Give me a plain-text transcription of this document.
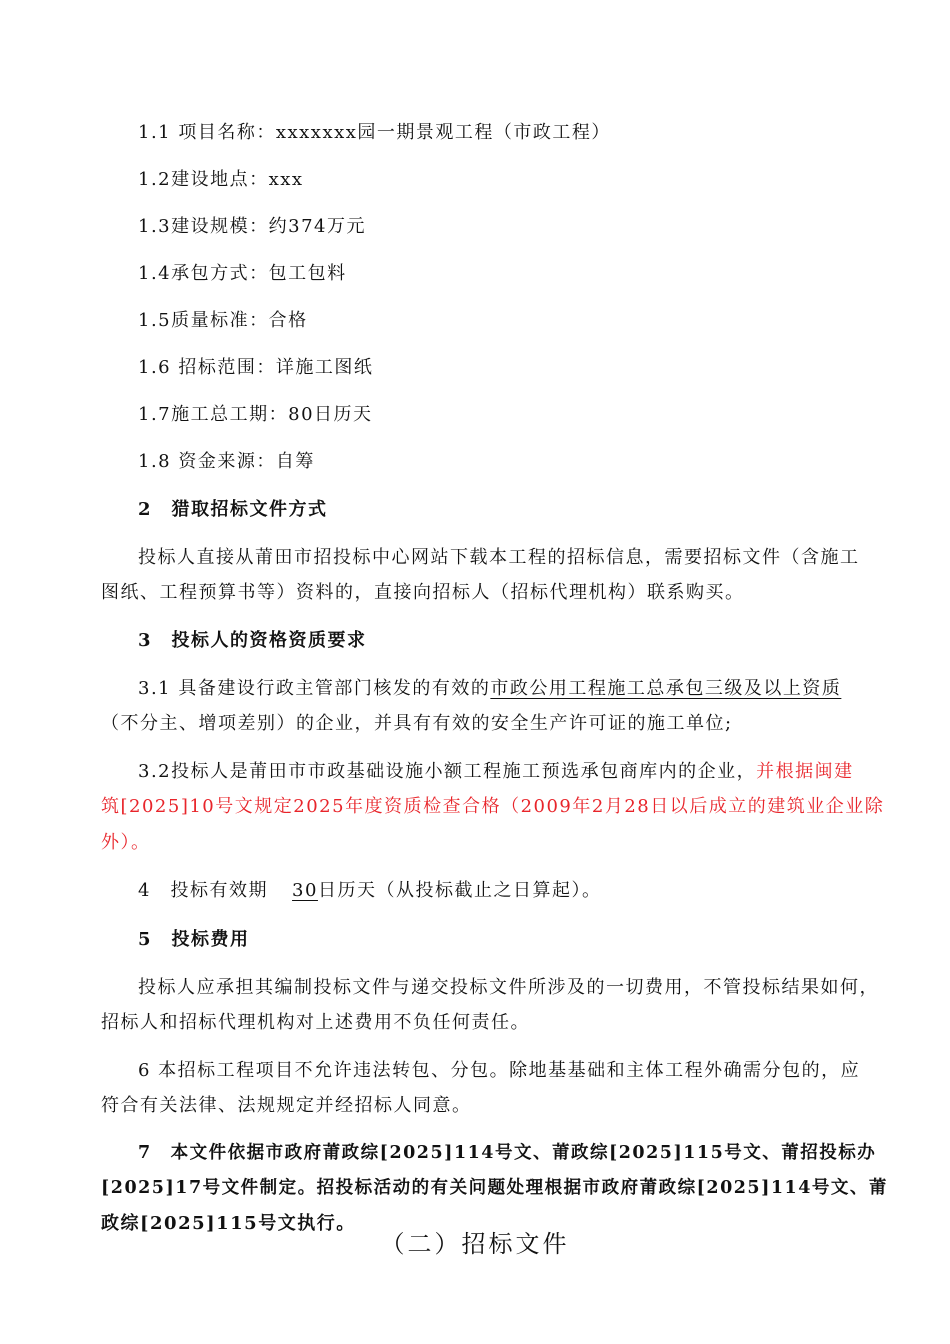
1.1 项目名称：xxxxxxx园一期景观工程（市政工程）
1.2建设地点：xxx
1.3建设规模：约374万元
1.4承包方式：包工包料
1.5质量标准：合格
1.6 招标范围：详施工图纸
1.7施工总工期：80日历天
1.8 资金来源：自筹
2　猎取招标文件方式
投标人直接从莆田市招投标中心网站下载本工程的招标信息，需要招标文件（含施工
图纸、工程预算书等）资料的，直接向招标人（招标代理机构）联系购买。
3　投标人的资格资质要求
3.1 具备建设行政主管部门核发的有效的市政公用工程施工总承包三级及以上资质
（不分主、增项差别）的企业，并具有有效的安全生产许可证的施工单位;
3.2投标人是莆田市市政基础设施小额工程施工预选承包商库内的企业，并根据闽建
筑[2025]10号文规定2025年度资质检查合格（2009年2月28日以后成立的建筑业企业除
外）。
4　投标有效期 30日历天（从投标截止之日算起）。
5　投标费用
投标人应承担其编制投标文件与递交投标文件所涉及的一切费用，不管投标结果如何，
招标人和招标代理机构对上述费用不负任何责任。
6 本招标工程项目不允许违法转包、分包。除地基基础和主体工程外确需分包的，应
符合有关法律、法规规定并经招标人同意。
7　本文件依据市政府莆政综[2025]114号文、莆政综[2025]115号文、莆招投标办
[2025]17号文件制定。招投标活动的有关问题处理根据市政府莆政综[2025]114号文、莆
政综[2025]115号文执行。
（二）招标文件
